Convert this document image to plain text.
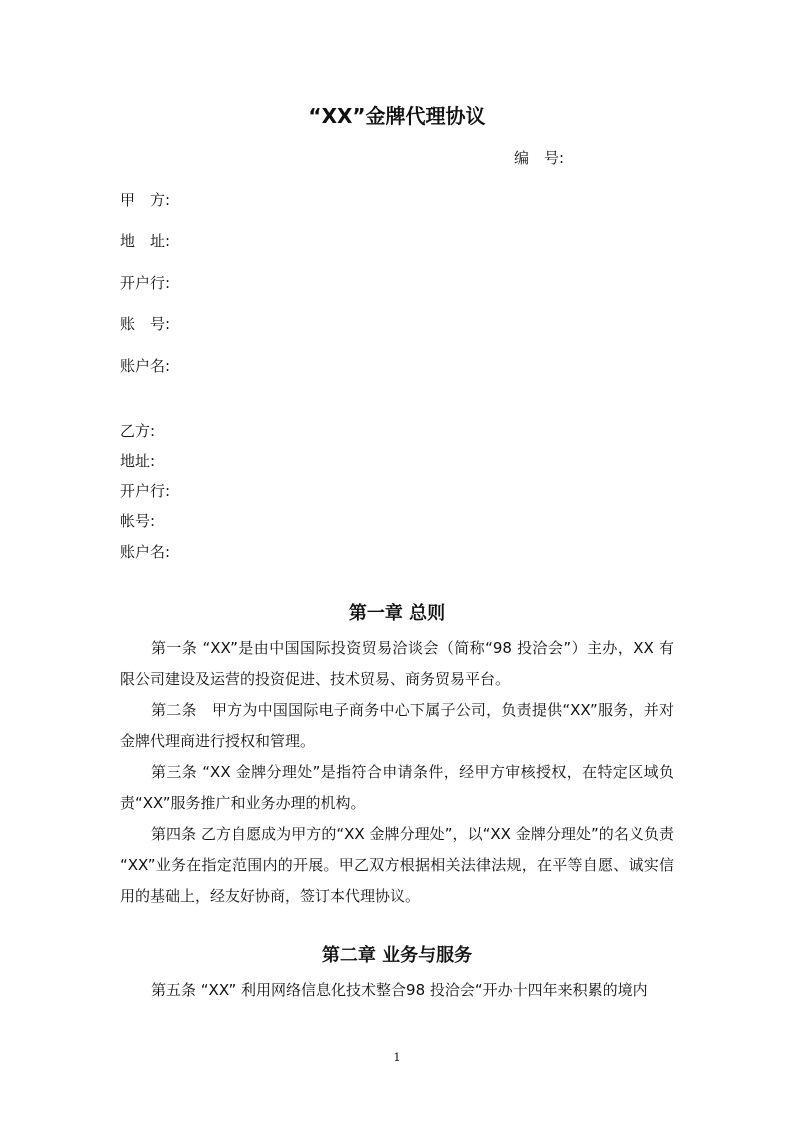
“XX”金牌代理协议
编　号:
甲　方:
地　址:
开户行:
账　号:
账户名:
乙方:
地址:
开户行:
帐号:
账户名:
第一章 总则

第一条 “XX”是由中国国际投资贸易洽谈会（简称“98 投洽会”）主办，XX 有限公司建设及运营的投资促进、技术贸易、商务贸易平台。

第二条　甲方为中国国际电子商务中心下属子公司，负责提供“XX”服务，并对金牌代理商进行授权和管理。

第三条 “XX 金牌分理处”是指符合申请条件，经甲方审核授权，在特定区域负责“XX”服务推广和业务办理的机构。

第四条 乙方自愿成为甲方的“XX 金牌分理处”，以“XX 金牌分理处”的名义负责 “XX”业务在指定范围内的开展。甲乙双方根据相关法律法规，在平等自愿、诚实信用的基础上，经友好协商，签订本代理协议。

第二章 业务与服务

第五条 “XX” 利用网络信息化技术整合98 投洽会“开办十四年来积累的境内

1
